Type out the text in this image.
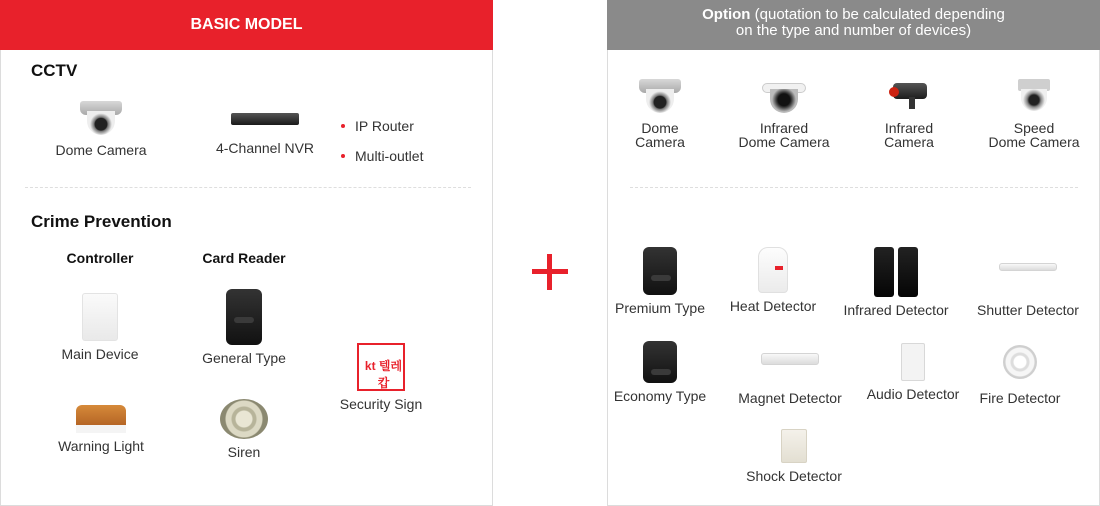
BASIC MODEL
CCTV
Dome Camera	4-Channel NVR
IP Router
Multi-outlet
Crime Prevention
Controller	Card Reader
Main Device	General Type	kt 텔레캅
Security Sign
Warning Light	Siren
Option (quotation to be calculated depending
on the type and number of devices)
Dome
Camera
Infrared
Dome Camera
Infrared
Camera
Speed
Dome Camera
Premium Type	Heat Detector	Infrared Detector	Shutter Detector
Economy Type	Magnet Detector	Audio Detector	Fire Detector
Shock Detector
